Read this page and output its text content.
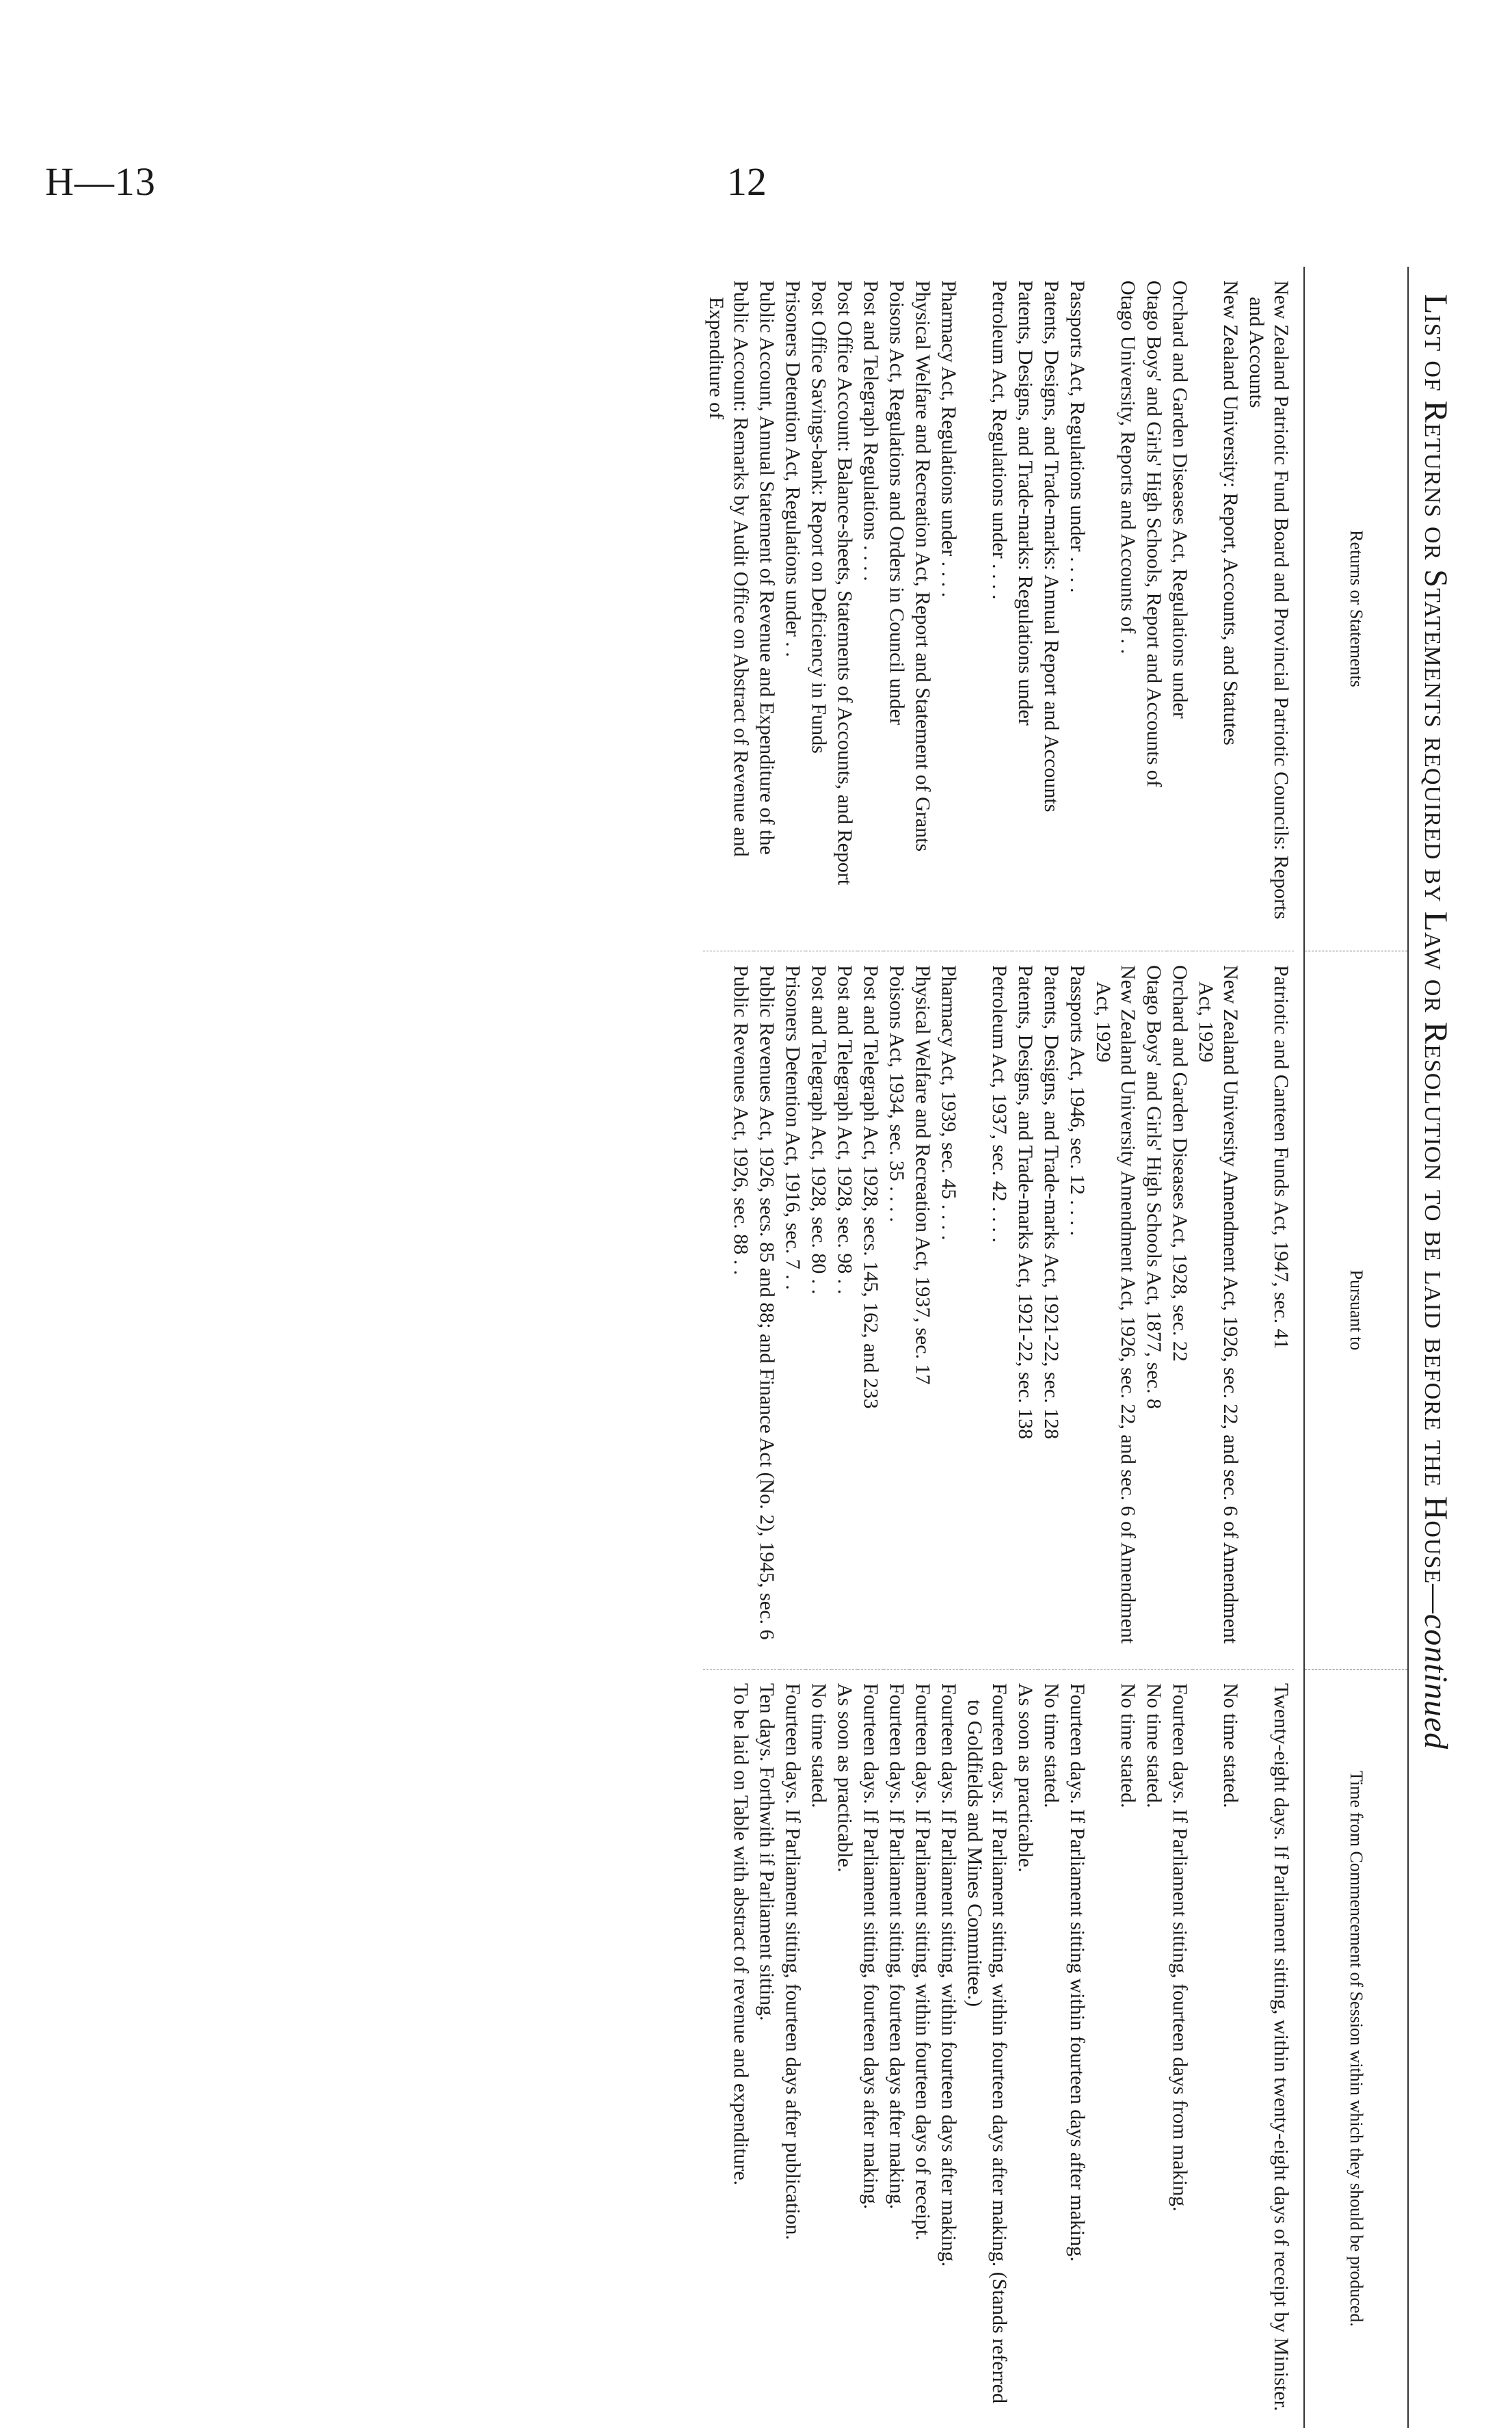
H—13	12
List of Returns or Statements required by Law or Resolution to be laid before the House
—continued
Returns or Statements
Pursuant to
Time from Commencement of Session within which they should be produced.
New Zealand Patriotic Fund Board and Provincial Patriotic Councils: Reports and Accounts
Patriotic and Canteen Funds Act, 1947, sec. 41
Twenty-eight days. If Parliament sitting, within twenty-eight days of receipt by Minister.
New Zealand University: Report, Accounts, and Statutes
New Zealand University Amendment Act, 1926, sec. 22, and sec. 6 of Amendment Act, 1929
No time stated.
Orchard and Garden Diseases Act, Regulations under
Orchard and Garden Diseases Act, 1928, sec. 22
Fourteen days. If Parliament sitting, fourteen days from making.
Otago Boys' and Girls' High Schools, Report and Accounts of
Otago Boys' and Girls' High Schools Act, 1877, sec. 8
No time stated.
Otago University, Reports and Accounts of . .
New Zealand University Amendment Act, 1926, sec. 22, and sec. 6 of Amendment Act, 1929
No time stated.
Passports Act, Regulations under . . . .
Passports Act, 1946, sec. 12 . . . .
Fourteen days. If Parliament sitting within fourteen days after making.
Patents, Designs, and Trade-marks: Annual Report and Accounts
Patents, Designs, and Trade-marks Act, 1921-22, sec. 128
No time stated.
Patents, Designs, and Trade-marks: Regulations under
Patents, Designs, and Trade-marks Act, 1921-22, sec. 138
As soon as practicable.
Petroleum Act, Regulations under . . . .
Petroleum Act, 1937, sec. 42 . . . .
Fourteen days. If Parliament sitting, within fourteen days after making. (Stands referred to Goldfields and Mines Committee.)
Pharmacy Act, Regulations under . . . .
Pharmacy Act, 1939, sec. 45 . . . .
Fourteen days. If Parliament sitting, within fourteen days after making.
Physical Welfare and Recreation Act, Report and Statement of Grants
Physical Welfare and Recreation Act, 1937, sec. 17
Fourteen days. If Parliament sitting, within fourteen days of receipt.
Poisons Act, Regulations and Orders in Council under
Poisons Act, 1934, sec. 35 . . . .
Fourteen days. If Parliament sitting, fourteen days after making.
Post and Telegraph Regulations . . . .
Post and Telegraph Act, 1928, secs. 145, 162, and 233
Fourteen days. If Parliament sitting, fourteen days after making.
Post Office Account: Balance-sheets, Statements of Accounts, and Report
Post and Telegraph Act, 1928, sec. 98 . .
As soon as practicable.
Post Office Savings-bank: Report on Deficiency in Funds
Post and Telegraph Act, 1928, sec. 80 . .
No time stated.
Prisoners Detention Act, Regulations under . .
Prisoners Detention Act, 1916, sec. 7 . .
Fourteen days. If Parliament sitting, fourteen days after publication.
Public Account, Annual Statement of Revenue and Expenditure of the
Public Revenues Act, 1926, secs. 85 and 88; and Finance Act (No. 2), 1945, sec. 6
Ten days. Forthwith if Parliament sitting.
Public Account: Remarks by Audit Office on Abstract of Revenue and Expenditure of
Public Revenues Act, 1926, sec. 88 . .
To be laid on Table with abstract of revenue and expenditure.
